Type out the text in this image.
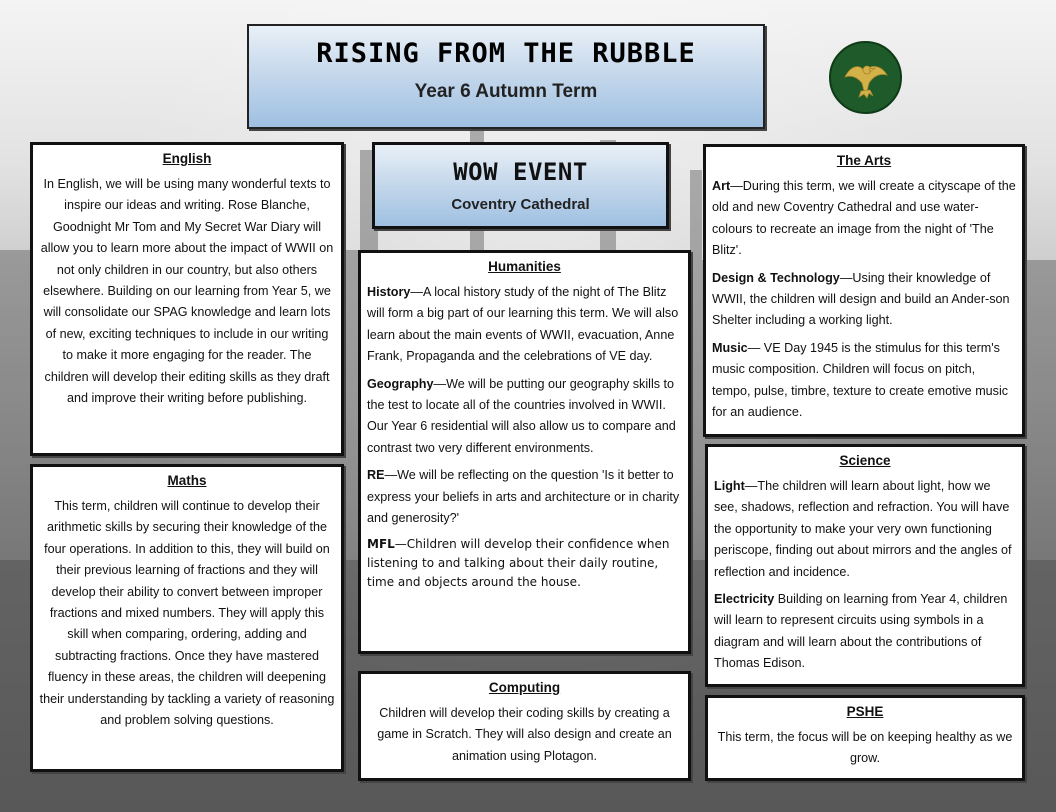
RISING FROM THE RUBBLE
Year 6 Autumn Term
English
In English, we will be using many wonderful texts to inspire our ideas and writing. Rose Blanche, Goodnight Mr Tom and My Secret War Diary will allow you to learn more about the impact of WWII on not only children in our country, but also others elsewhere. Building on our learning from Year 5, we will consolidate our SPAG knowledge and learn lots of new, exciting techniques to include in our writing to make it more engaging for the reader. The children will develop their editing skills as they draft and improve their writing before publishing.
Maths
This term, children will continue to develop their arithmetic skills by securing their knowledge of the four operations. In addition to this, they will build on their previous learning of fractions and they will develop their ability to convert between improper fractions and mixed numbers. They will apply this skill when comparing, ordering, adding and subtracting fractions. Once they have mastered fluency in these areas, the children will deepening their understanding by tackling a variety of reasoning and problem solving questions.
WOW EVENT
Coventry Cathedral
Humanities
History—A local history study of the night of The Blitz will form a big part of our learning this term. We will also learn about the main events of WWII, evacuation, Anne Frank, Propaganda and the celebrations of VE day.
Geography—We will be putting our geography skills to the test to locate all of the countries involved in WWII. Our Year 6 residential will also allow us to compare and contrast two very different environments.
RE—We will be reflecting on the question 'Is it better to express your beliefs in arts and architecture or in charity and generosity?'
MFL—Children will develop their confidence when listening to and talking about their daily routine, time and objects around the house.
Computing
Children will develop their coding skills by creating a game in Scratch. They will also design and create an animation using Plotagon.
The Arts
Art—During this term, we will create a cityscape of the old and new Coventry Cathedral and use water-colours to recreate an image from the night of 'The Blitz'.
Design & Technology—Using their knowledge of WWII, the children will design and build an Ander-son Shelter including a working light.
Music— VE Day 1945 is the stimulus for this term's music composition. Children will focus on pitch, tempo, pulse, timbre, texture to create emotive music for an audience.
Science
Light—The children will learn about light, how we see, shadows, reflection and refraction. You will have the opportunity to make your very own functioning periscope, finding out about mirrors and the angles of reflection and incidence.
Electricity Building on learning from Year 4, children will learn to represent circuits using symbols in a diagram and will learn about the contributions of Thomas Edison.
PSHE
This term, the focus will be on keeping healthy as we grow.
